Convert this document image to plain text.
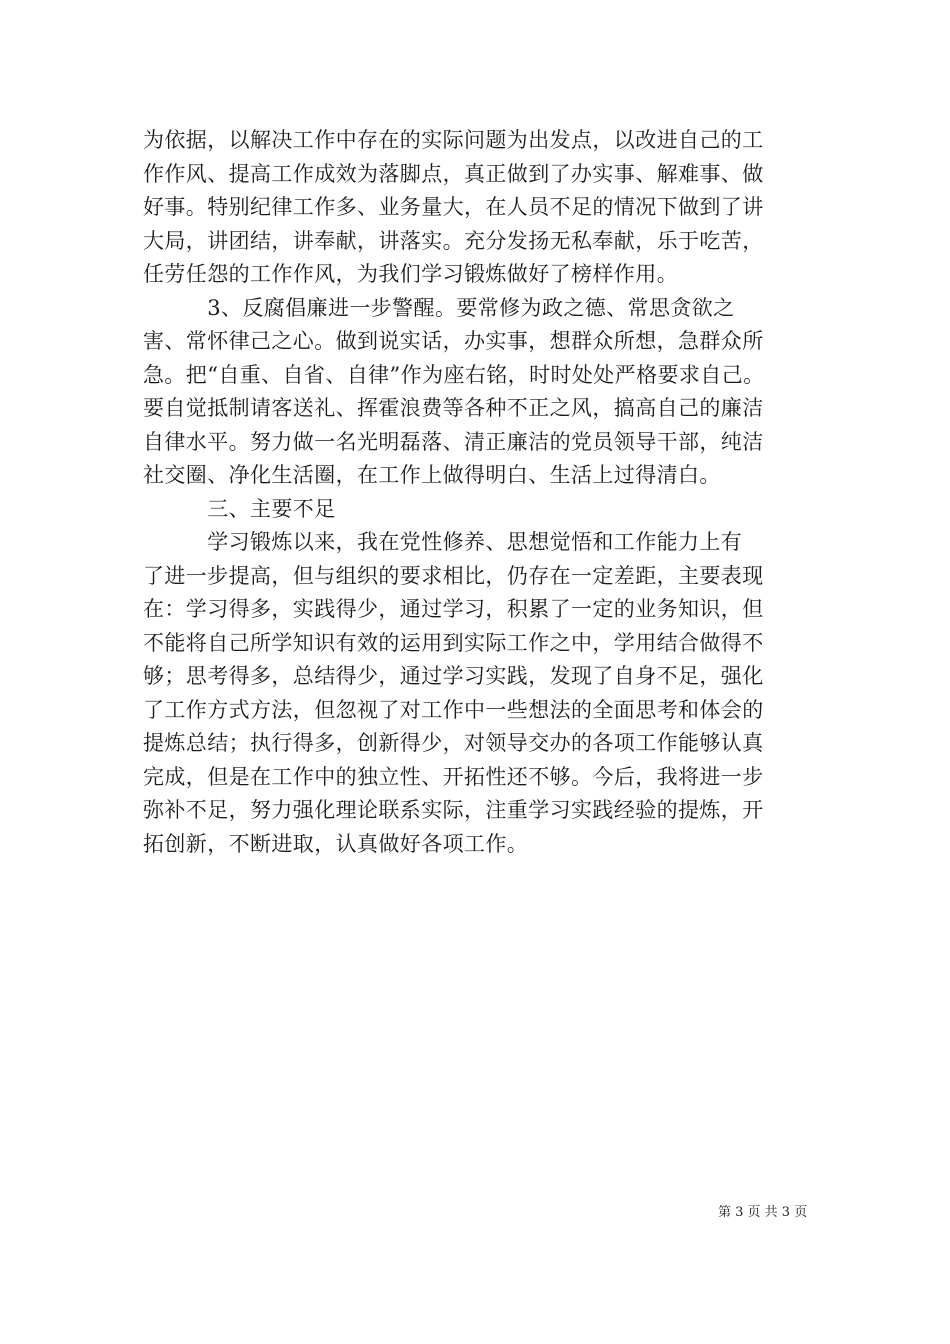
为依据，以解决工作中存在的实际问题为出发点，以改进自己的工
作作风、提高工作成效为落脚点，真正做到了办实事、解难事、做
好事。特别纪律工作多、业务量大，在人员不足的情况下做到了讲
大局，讲团结，讲奉献，讲落实。充分发扬无私奉献，乐于吃苦，
任劳任怨的工作作风，为我们学习锻炼做好了榜样作用。
　　　3、反腐倡廉进一步警醒。要常修为政之德、常思贪欲之
害、常怀律己之心。做到说实话，办实事，想群众所想，急群众所
急。把“自重、自省、自律”作为座右铭，时时处处严格要求自己。
要自觉抵制请客送礼、挥霍浪费等各种不正之风，搞高自己的廉洁
自律水平。努力做一名光明磊落、清正廉洁的党员领导干部，纯洁
社交圈、净化生活圈，在工作上做得明白、生活上过得清白。
　　　三、主要不足
　　　学习锻炼以来，我在党性修养、思想觉悟和工作能力上有
了进一步提高，但与组织的要求相比，仍存在一定差距，主要表现
在：学习得多，实践得少，通过学习，积累了一定的业务知识，但
不能将自己所学知识有效的运用到实际工作之中，学用结合做得不
够；思考得多，总结得少，通过学习实践，发现了自身不足，强化
了工作方式方法，但忽视了对工作中一些想法的全面思考和体会的
提炼总结；执行得多，创新得少，对领导交办的各项工作能够认真
完成，但是在工作中的独立性、开拓性还不够。今后，我将进一步
弥补不足，努力强化理论联系实际，注重学习实践经验的提炼，开
拓创新，不断进取，认真做好各项工作。
第 3 页 共 3 页
